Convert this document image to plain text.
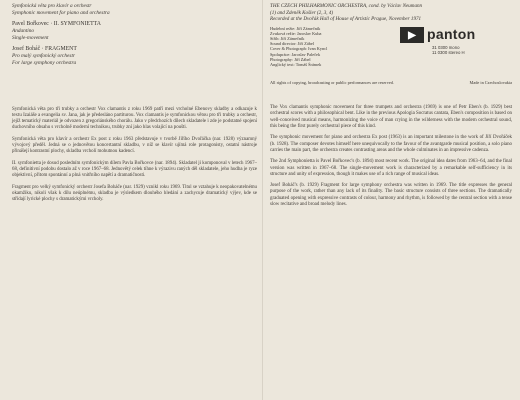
Symfonická věta pro klavír a orchestr
Symphonic movement for piano and orchestra
Pavel Bořkovec · II. SYMFONIETTA
Andantino
Single-movement
Josef Boháč · FRAGMENT
Pro malý symfonický orchestr
For large symphony orchestra

Symfonická věta pro tři trubky a orchestr Vox clamantis z roku 1969 patří mezi vrcholné Ebenovy skladby a odkazuje k textu Izaiáše a evangelia sv. Jana, jak je předesláno partiturou. Vox clamantis je symfonickou větou pro tři trubky a orchestr, jejíž tematický materiál je odvozen z gregoriánského chorálu. Jako v předchozích dílech skladatele i zde je podstatné spojení duchovního obsahu s vrcholně moderní technikou, trubky zní jako hlas volající na poušti.

Symfonická věta pro klavír a orchestr Ex post z roku 1963 představuje v tvorbě Jiřího Dvořáčka (nar. 1928) významný vývojový předěl. Jedná se o jednovětou koncertantní skladbu, v níž se klavír ujímá role protagonisty, ostatní nástroje přinášejí kontrastní plochy, skladba vrcholí mohutnou kadencí.

II. symfonietta je dosud posledním symfonickým dílem Pavla Bořkovce (nar. 1894). Skladatel ji komponoval v letech 1967–68, definitivní podobu dostalo až v roce 1967–68. Jednovětý celek tíhne k výrazivu raných děl skladatele, jeho hudba je ryze objektivní, přitom spontánní a plná vnitřního napětí a dramatičnosti.

Fragment pro velký symfonický orchestr Josefa Boháče (nar. 1929) vznikl roku 1969. Titul se vztahuje k neopakovatelnému okamžiku, nikoli však k dílu neúplnému, skladba je výsledkem dlouhého hledání a zachycuje dramatický výjev, kde se střídají lyrické plochy s dramatickými vrcholy.

THE CZECH PHILHARMONIC ORCHESTRA, cond. by Václav Neumann
(1) and Zdeněk Košler (2, 3, 4)
Recorded at the Dvořák Hall of House of Artistic Prague, November 1971
Hudební režie: Jiří Zámečník
Zvuková režie: Jaroslav Kuba
Střih: Jiří Zámečník
Sound director: Jiří Zábel
Cover & Photograph: Ivan Kyncl
Spolupráce: Jaroslav Paleček
Photography: Jiří Zábel
Anglický text: Tomáš Šrámek

The Vox clamantis symphonic movement for three trumpets and orchestra (1969) is one of Petr Eben's (b. 1929) best orchestral scores with a philosophical bent. Like in the previous Apologia Socratus cantata, Eben's composition is based on well-conceived musical means, harmonizing the voice of man crying in the wilderness with the modern orchestral sound, this being the first purely orchestral piece of this kind.

The symphonic movement for piano and orchestra Ex post (1963) is an important milestone in the work of Jiří Dvořáček (b. 1928). The composer devotes himself here unequivocally to the favour of the avantgarde musical position, a solo piano carries the main part, the orchestra creates contrasting areas and the whole culminates in an impressive cadenza.

The 2nd Symphonietta is Pavel Bořkovec's (b. 1894) most recent work. The original idea dates from 1963–64, and the final version was written in 1967–68. The single-movement work is characterized by a remarkable self-sufficiency in its structure and unity of expression, though it makes use of a rich range of musical ideas.

Josef Boháč's (b. 1929) Fragment for large symphony orchestra was written in 1969. The title expresses the general purpose of the work, rather than any lack of its finality. The basic structure consists of three sections. The dramatically graduated opening with expressive contrasts of colour, harmony and rhythm, is followed by the central section with a tense slow recitative and broad melody lines.

▶ panton
31 0300 mono
11 0300 stereo H
All rights of copying, broadcasting or public performances are reserved.	Made in Czechoslovakia
